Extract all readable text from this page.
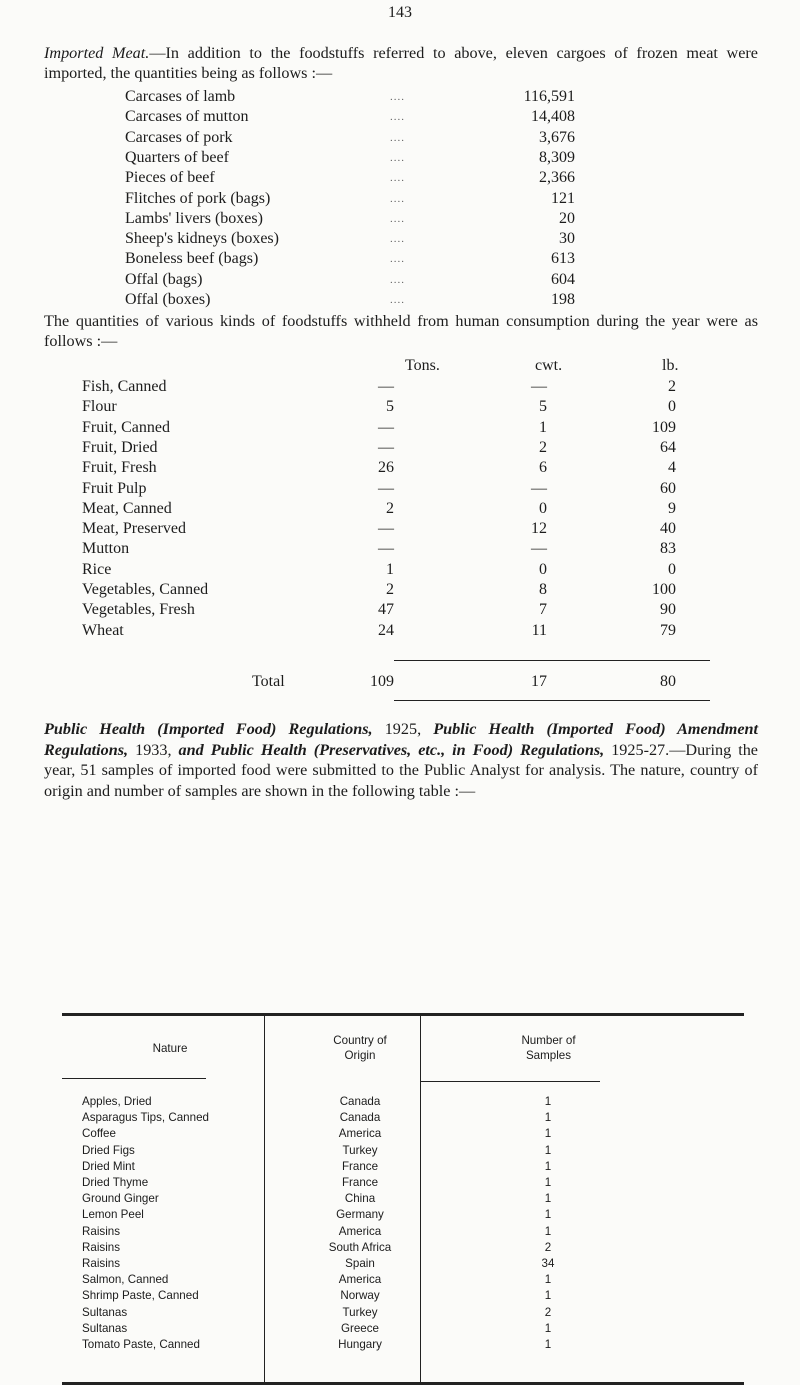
143
Imported Meat.—In addition to the foodstuffs referred to above, eleven cargoes of frozen meat were imported, the quantities being as follows :—
Carcases of lamb	....	116,591
Carcases of mutton	....	14,408
Carcases of pork	....	3,676
Quarters of beef	....	8,309
Pieces of beef	....	2,366
Flitches of pork (bags)	....	121
Lambs' livers (boxes)	....	20
Sheep's kidneys (boxes)	....	30
Boneless beef (bags)	....	613
Offal (bags)	....	604
Offal (boxes)	....	198
The quantities of various kinds of foodstuffs withheld from human consumption during the year were as follows :—
Tons.	cwt.	lb.
Fish, Canned	—	—	2
Flour	5	5	0
Fruit, Canned	—	1	109
Fruit, Dried	—	2	64
Fruit, Fresh	26	6	4
Fruit Pulp	—	—	60
Meat, Canned	2	0	9
Meat, Preserved	—	12	40
Mutton	—	—	83
Rice	1	0	0
Vegetables, Canned	2	8	100
Vegetables, Fresh	47	7	90
Wheat	24	11	79
Total	109	17	80
Public Health (Imported Food) Regulations, 1925, Public Health (Imported Food) Amendment Regulations, 1933, and Public Health (Preservatives, etc., in Food) Regulations, 1925-27.—During the year, 51 samples of imported food were submitted to the Public Analyst for analysis. The nature, country of origin and number of samples are shown in the following table :—
Nature	Country of Origin	Number of Samples
Apples, Dried	Canada	1
Asparagus Tips, Canned	Canada	1
Coffee	America	1
Dried Figs	Turkey	1
Dried Mint	France	1
Dried Thyme	France	1
Ground Ginger	China	1
Lemon Peel	Germany	1
Raisins	America	1
Raisins	South Africa	2
Raisins	Spain	34
Salmon, Canned	America	1
Shrimp Paste, Canned	Norway	1
Sultanas	Turkey	2
Sultanas	Greece	1
Tomato Paste, Canned	Hungary	1
